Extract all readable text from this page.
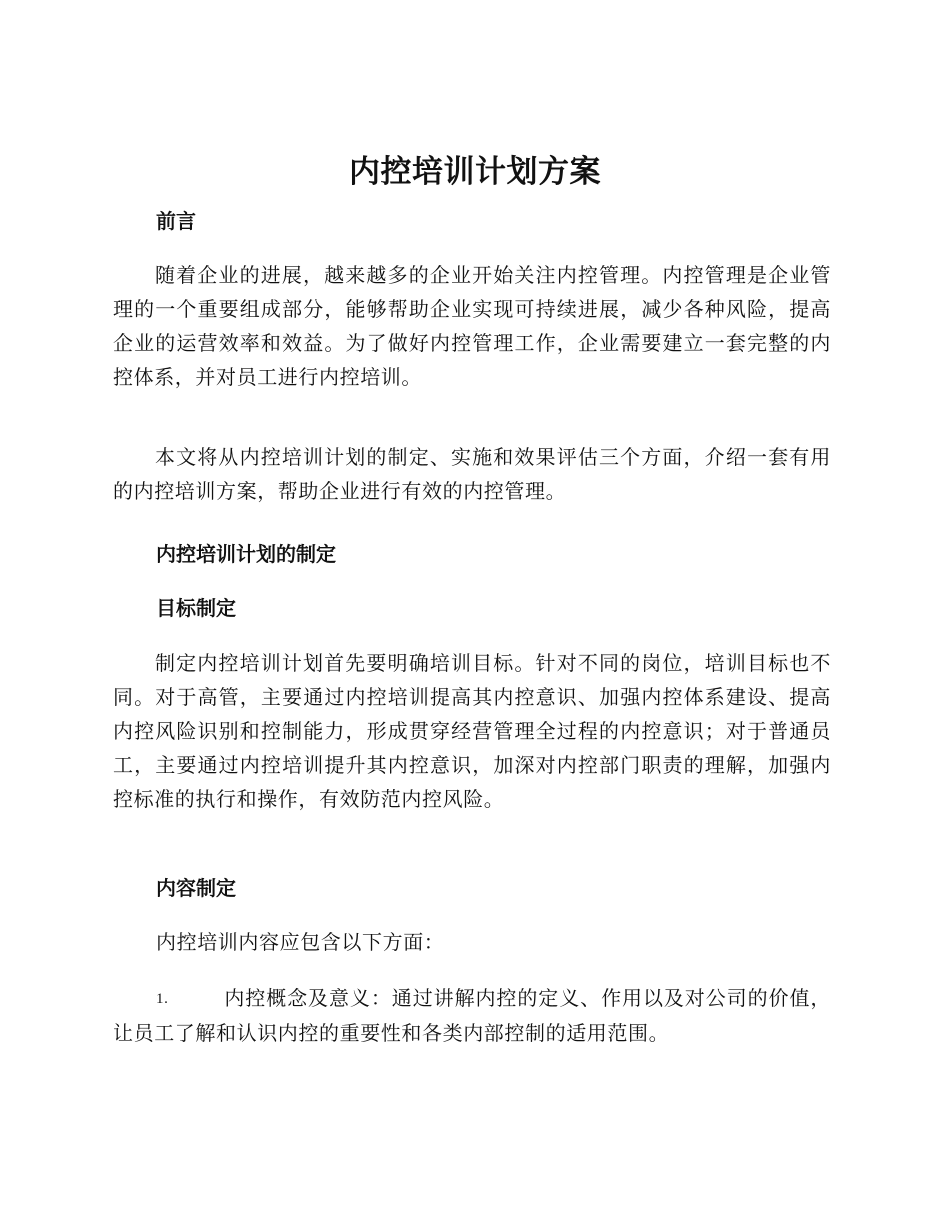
内控培训计划方案
前言
随着企业的进展，越来越多的企业开始关注内控管理。内控管理是企业管理的一个重要组成部分，能够帮助企业实现可持续进展，减少各种风险，提高企业的运营效率和效益。为了做好内控管理工作，企业需要建立一套完整的内控体系，并对员工进行内控培训。
本文将从内控培训计划的制定、实施和效果评估三个方面，介绍一套有用的内控培训方案，帮助企业进行有效的内控管理。
内控培训计划的制定
目标制定
制定内控培训计划首先要明确培训目标。针对不同的岗位，培训目标也不同。对于高管，主要通过内控培训提高其内控意识、加强内控体系建设、提高内控风险识别和控制能力，形成贯穿经营管理全过程的内控意识；对于普通员工，主要通过内控培训提升其内控意识，加深对内控部门职责的理解，加强内控标准的执行和操作，有效防范内控风险。
内容制定
内控培训内容应包含以下方面：
1.	内控概念及意义：通过讲解内控的定义、作用以及对公司的价值，让员工了解和认识内控的重要性和各类内部控制的适用范围。
